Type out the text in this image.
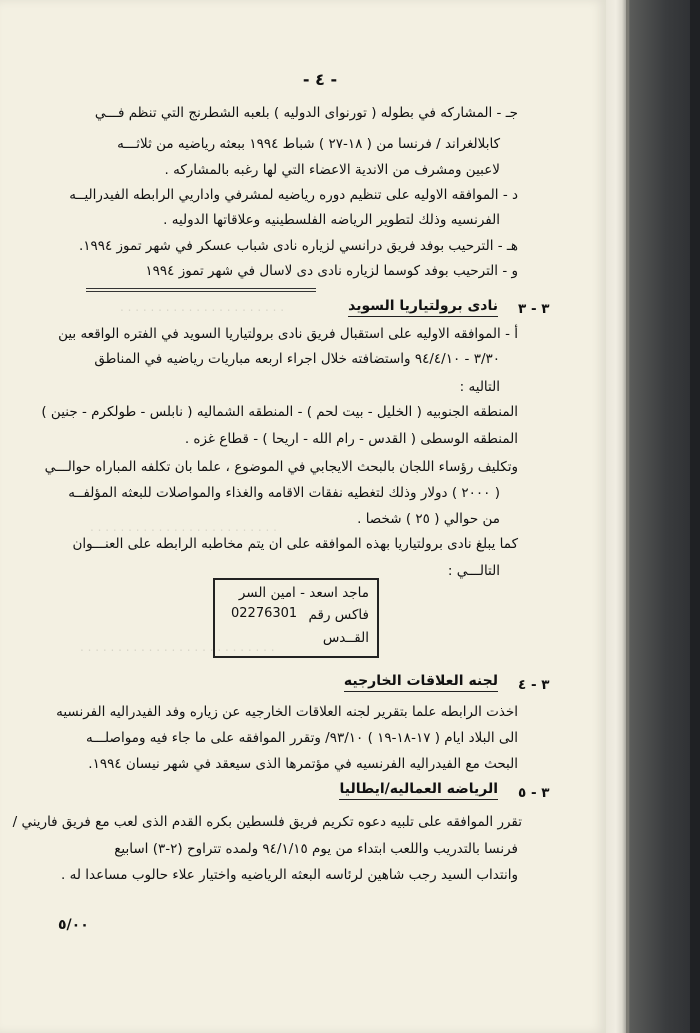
. . . . . . . . . . . . . . . . . . . . . .
. . . . . . . . . . . . . . . . . . . . . . . . .
. . . . . . . . . . . . . . . . . . . . . . . . . .
- ٤ -
جـ - المشاركه في بطوله ( تورنواى الدوليه ) بلعبه الشطرنج التي تنظم فـــي
كابلالغراند / فرنسا من ( ١٨-٢٧ ) شباط ١٩٩٤ ببعثه رياضيه من ثلاثـــه
لاعبين ومشرف من الاندية الاعضاء التي لها رغبه بالمشاركه .
د - الموافقه الاوليه على تنظيم دوره رياضيه لمشرفي واداريي الرابطه الفيدراليــه
الفرنسيه وذلك لتطوير الرياضه الفلسطينيه وعلاقاتها الدوليه .
هـ - الترحيب بوفد فريق درانسي لزياره نادى شباب عسكر في شهر تموز ١٩٩٤.
و - الترحيب بوفد كوسما لزياره نادى دى لاسال في شهر تموز ١٩٩٤
٣ - ٣
نادى برولتياريا السويد
أ - الموافقه الاوليه على استقبال فريق نادى برولتياريا السويد في الفتره الواقعه بين
٣/٣٠ - ٩٤/٤/١٠ واستضافته خلال اجراء اربعه مباريات رياضيه في المناطق
التاليه :
المنطقه الجنوبيه ( الخليل - بيت لحم ) - المنطقه الشماليه ( نابلس - طولكرم - جنين )
المنطقه الوسطى ( القدس - رام الله - اريحا ) - قطاع غزه .
وتكليف رؤساء اللجان بالبحث الايجابي في الموضوع ، علما بان تكلفه المباراه حوالـــي
( ٢٠٠٠ ) دولار وذلك لتغطيه نفقات الاقامه والغذاء والمواصلات للبعثه المؤلفــه
من حوالي ( ٢٥ ) شخصا .
كما يبلغ نادى برولتياريا بهذه الموافقه على ان يتم مخاطبه الرابطه على العنـــوان
التالـــي :
ماجد اسعد - امين السر
فاكس رقم
02276301
القــدس
٣ - ٤
لجنه العلاقات الخارجيه
اخذت الرابطه علما بتقرير لجنه العلاقات الخارجيه عن زياره وفد الفيدراليه الفرنسيه
الى البلاد ايام ( ١٧-١٨-١٩ ) ٩٣/١٠/ وتقرر الموافقه على ما جاء فيه ومواصلـــه
البحث مع الفيدراليه الفرنسيه في مؤتمرها الذى سيعقد في شهر نيسان ١٩٩٤.
٣ - ٥
الرياضه العماليه/ايطاليا
تقرر الموافقه على تلبيه دعوه تكريم فريق فلسطين بكره القدم الذى لعب مع فريق فاريني /
فرنسا بالتدريب واللعب ابتداء من يوم ٩٤/١/١٥ ولمده تتراوح (٢-٣) اسابيع
وانتداب السيد رجب شاهين لرئاسه البعثه الرياضيه واختيار علاء حالوب مساعدا له .
٥/٠٠
